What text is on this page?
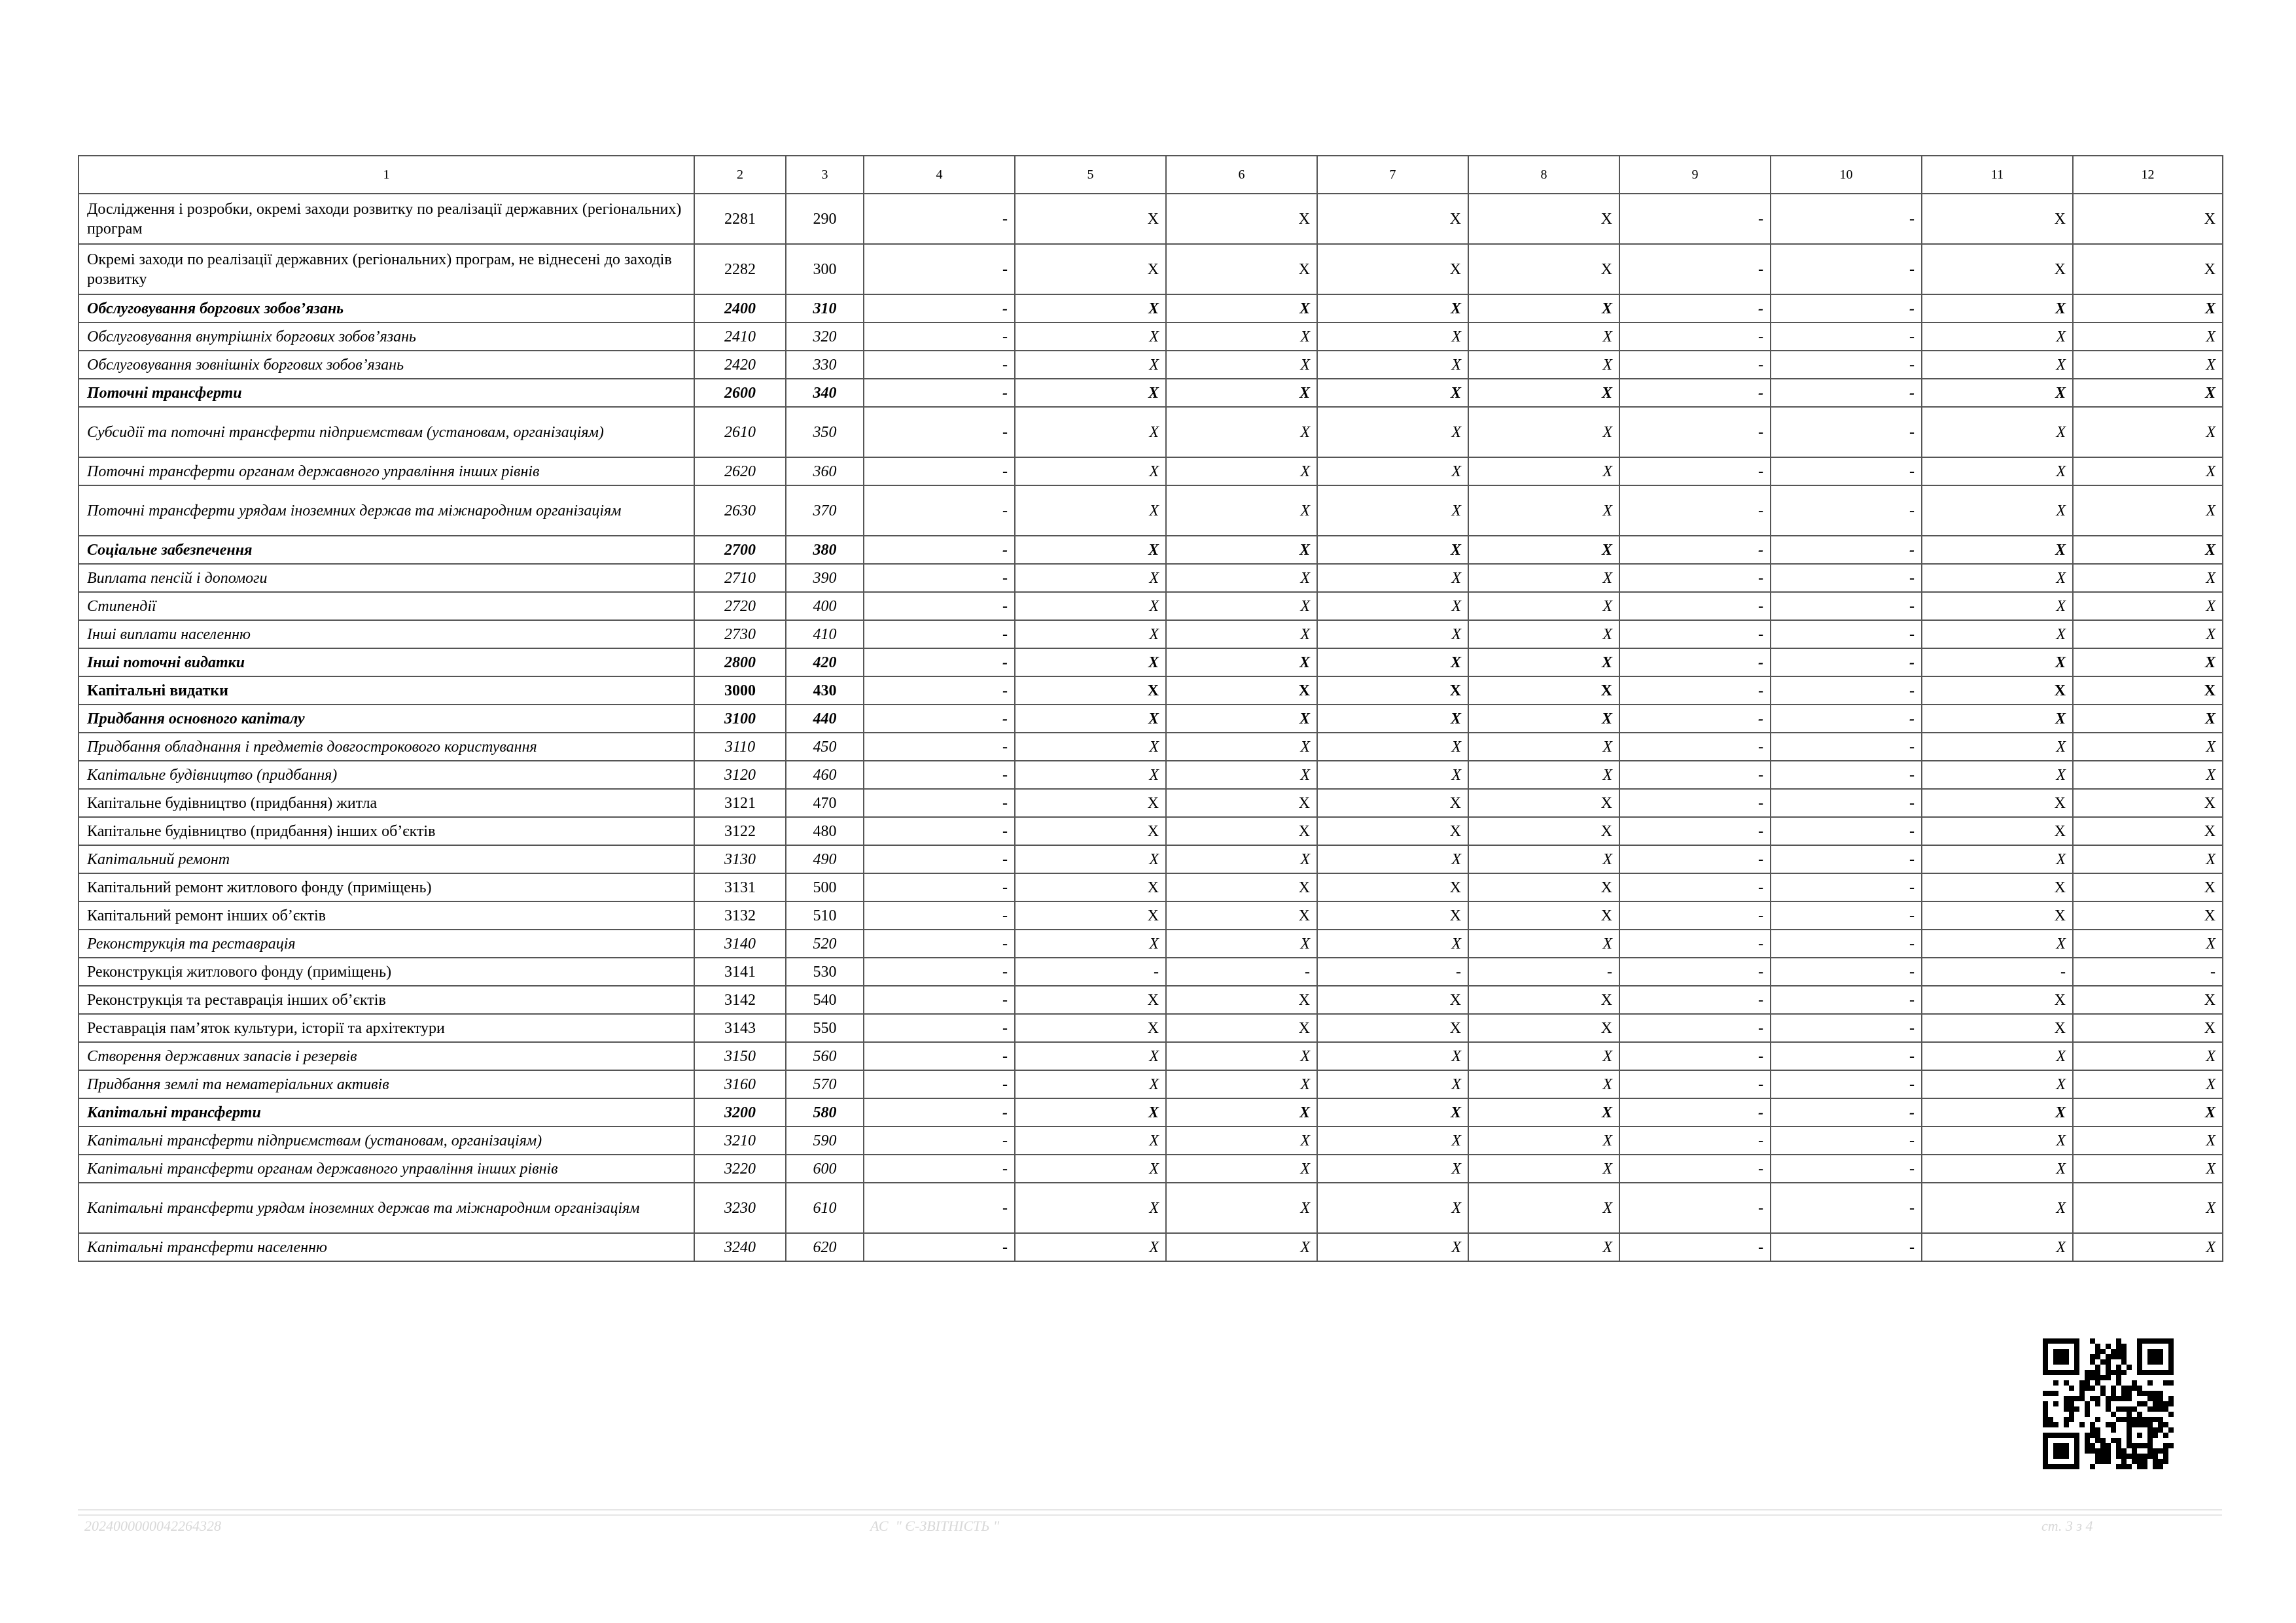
1	2	3	4	5	6	7	8	9	10	11	12
Дослідження і розробки, окремі заходи розвитку по реалізації державних (регіональних) програм	2281	290	-	X	X	X	X	-	-	X	X
Окремі заходи по реалізації державних (регіональних) програм, не віднесені до заходів розвитку	2282	300	-	X	X	X	X	-	-	X	X
Обслуговування боргових зобов’язань	2400	310	-	X	X	X	X	-	-	X	X
Обслуговування внутрішніх боргових зобов’язань	2410	320	-	X	X	X	X	-	-	X	X
Обслуговування зовнішніх боргових зобов’язань	2420	330	-	X	X	X	X	-	-	X	X
Поточні трансферти	2600	340	-	X	X	X	X	-	-	X	X
Субсидії та поточні трансферти підприємствам (установам, організаціям)	2610	350	-	X	X	X	X	-	-	X	X
Поточні трансферти органам державного управління інших рівнів	2620	360	-	X	X	X	X	-	-	X	X
Поточні трансферти урядам іноземних держав та міжнародним організаціям	2630	370	-	X	X	X	X	-	-	X	X
Соціальне забезпечення	2700	380	-	X	X	X	X	-	-	X	X
Виплата пенсій і допомоги	2710	390	-	X	X	X	X	-	-	X	X
Стипендії	2720	400	-	X	X	X	X	-	-	X	X
Інші виплати населенню	2730	410	-	X	X	X	X	-	-	X	X
Інші поточні видатки	2800	420	-	X	X	X	X	-	-	X	X
Капітальні видатки	3000	430	-	X	X	X	X	-	-	X	X
Придбання основного капіталу	3100	440	-	X	X	X	X	-	-	X	X
Придбання обладнання і предметів довгострокового користування	3110	450	-	X	X	X	X	-	-	X	X
Капітальне будівництво (придбання)	3120	460	-	X	X	X	X	-	-	X	X
Капітальне будівництво (придбання) житла	3121	470	-	X	X	X	X	-	-	X	X
Капітальне будівництво (придбання) інших об’єктів	3122	480	-	X	X	X	X	-	-	X	X
Капітальний ремонт	3130	490	-	X	X	X	X	-	-	X	X
Капітальний ремонт житлового фонду (приміщень)	3131	500	-	X	X	X	X	-	-	X	X
Капітальний ремонт інших об’єктів	3132	510	-	X	X	X	X	-	-	X	X
Реконструкція та реставрація	3140	520	-	X	X	X	X	-	-	X	X
Реконструкція житлового фонду (приміщень)	3141	530	-	-	-	-	-	-	-	-	-
Реконструкція та реставрація інших об’єктів	3142	540	-	X	X	X	X	-	-	X	X
Реставрація пам’яток культури, історії та архітектури	3143	550	-	X	X	X	X	-	-	X	X
Створення державних запасів і резервів	3150	560	-	X	X	X	X	-	-	X	X
Придбання землі та нематеріальних активів	3160	570	-	X	X	X	X	-	-	X	X
Капітальні трансферти	3200	580	-	X	X	X	X	-	-	X	X
Капітальні трансферти підприємствам (установам, організаціям)	3210	590	-	X	X	X	X	-	-	X	X
Капітальні трансферти органам державного управління інших рівнів	3220	600	-	X	X	X	X	-	-	X	X
Капітальні трансферти урядам іноземних держав та міжнародним організаціям	3230	610	-	X	X	X	X	-	-	X	X
Капітальні трансферти населенню	3240	620	-	X	X	X	X	-	-	X	X
2024000000042264328	АС  " Є-ЗВІТНІСТЬ "	ст. 3 з 4
